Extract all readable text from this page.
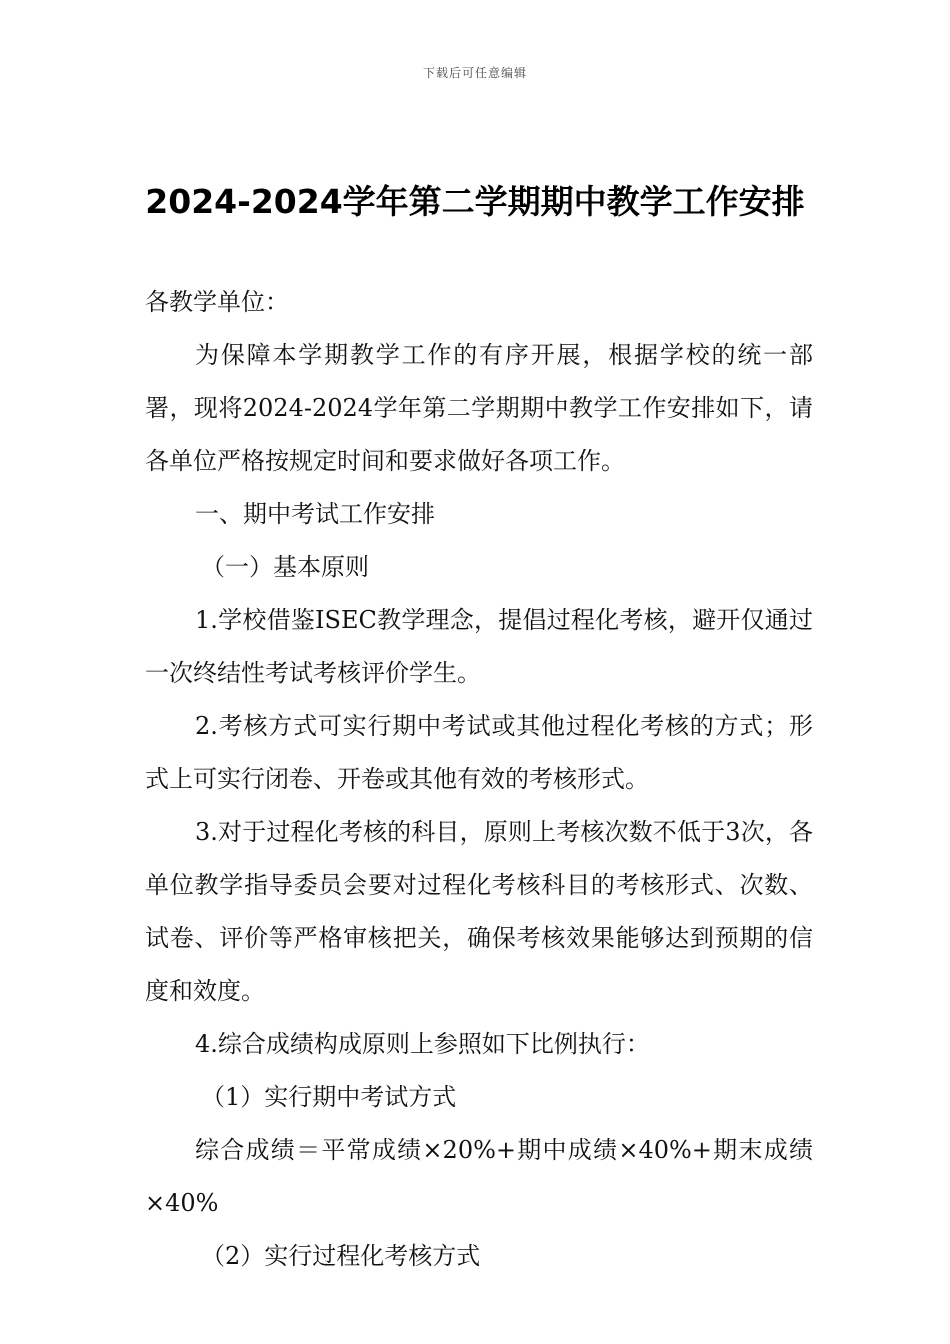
下载后可任意编辑
2024-2024学年第二学期期中教学工作安排

各教学单位：

为保障本学期教学工作的有序开展，根据学校的统一部署，现将2024-2024学年第二学期期中教学工作安排如下，请各单位严格按规定时间和要求做好各项工作。

一、期中考试工作安排

（一）基本原则

1.学校借鉴ISEC教学理念，提倡过程化考核，避开仅通过一次终结性考试考核评价学生。

2.考核方式可实行期中考试或其他过程化考核的方式；形式上可实行闭卷、开卷或其他有效的考核形式。

3.对于过程化考核的科目，原则上考核次数不低于3次，各单位教学指导委员会要对过程化考核科目的考核形式、次数、试卷、评价等严格审核把关，确保考核效果能够达到预期的信度和效度。

4.综合成绩构成原则上参照如下比例执行：

（1）实行期中考试方式

综合成绩＝平常成绩×20%+期中成绩×40%+期末成绩×40%

（2）实行过程化考核方式
